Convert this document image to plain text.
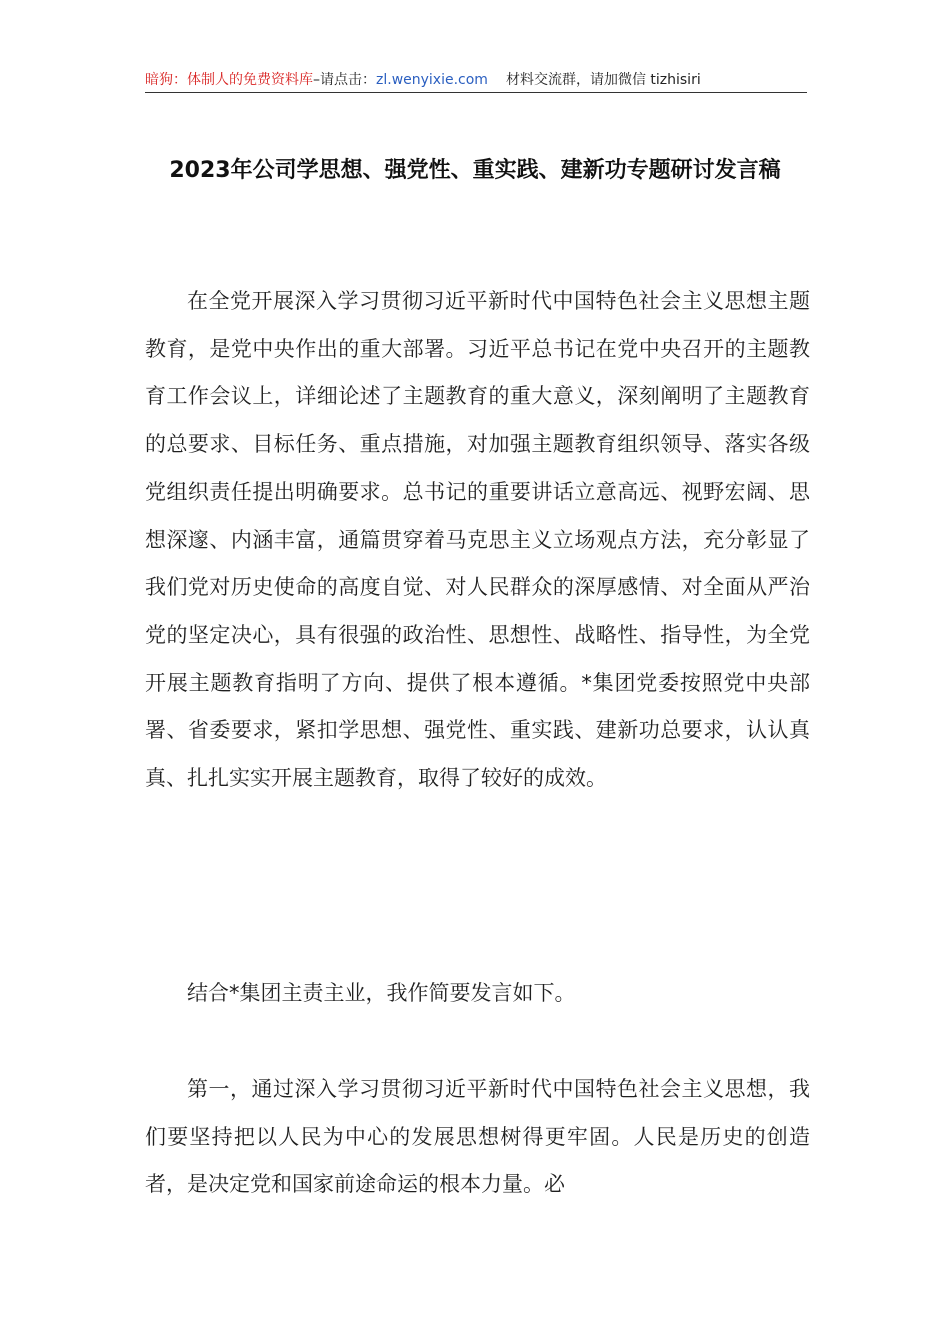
暗狗：体制人的免费资料库–请点击：zl.wenyixie.com 材料交流群，请加微信 tizhisiri
2023年公司学思想、强党性、重实践、建新功专题研讨发言稿

在全党开展深入学习贯彻习近平新时代中国特色社会主义思想主题教育，是党中央作出的重大部署。习近平总书记在党中央召开的主题教育工作会议上，详细论述了主题教育的重大意义，深刻阐明了主题教育的总要求、目标任务、重点措施，对加强主题教育组织领导、落实各级党组织责任提出明确要求。总书记的重要讲话立意高远、视野宏阔、思想深邃、内涵丰富，通篇贯穿着马克思主义立场观点方法，充分彰显了我们党对历史使命的高度自觉、对人民群众的深厚感情、对全面从严治党的坚定决心，具有很强的政治性、思想性、战略性、指导性，为全党开展主题教育指明了方向、提供了根本遵循。*集团党委按照党中央部署、省委要求，紧扣学思想、强党性、重实践、建新功总要求，认认真真、扎扎实实开展主题教育，取得了较好的成效。

结合*集团主责主业，我作简要发言如下。

第一，通过深入学习贯彻习近平新时代中国特色社会主义思想，我们要坚持把以人民为中心的发展思想树得更牢固。人民是历史的创造者，是决定党和国家前途命运的根本力量。必
